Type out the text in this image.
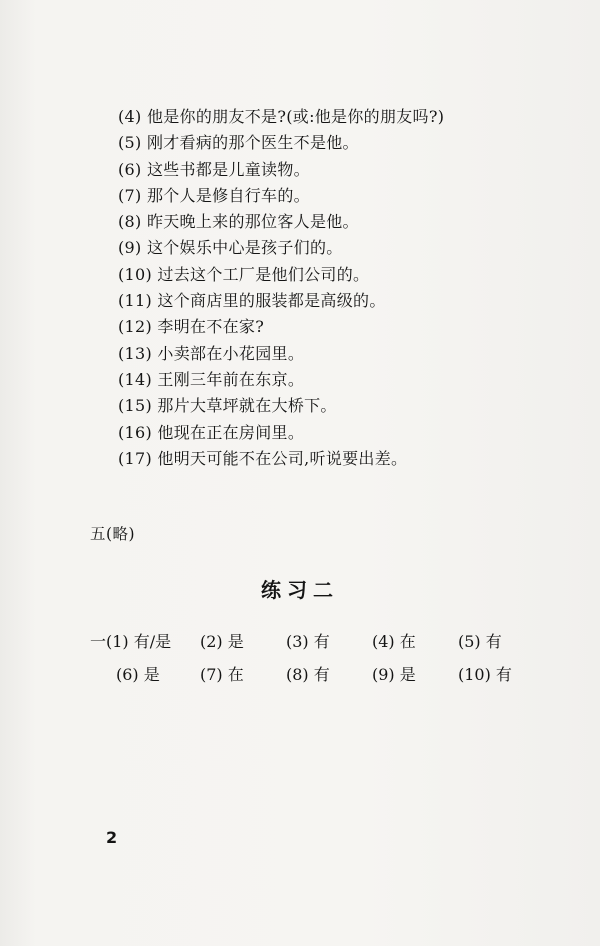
(4) 他是你的朋友不是?(或:他是你的朋友吗?)
(5) 刚才看病的那个医生不是他。
(6) 这些书都是儿童读物。
(7) 那个人是修自行车的。
(8) 昨天晚上来的那位客人是他。
(9) 这个娱乐中心是孩子们的。
(10) 过去这个工厂是他们公司的。
(11) 这个商店里的服装都是高级的。
(12) 李明在不在家?
(13) 小卖部在小花园里。
(14) 王刚三年前在东京。
(15) 那片大草坪就在大桥下。
(16) 他现在正在房间里。
(17) 他明天可能不在公司,听说要出差。
五(略)
练习二
一 (1) 有/是 (2) 是	(3) 有	(4) 在	(5) 有
(6) 是	(7) 在	(8) 有	(9) 是	(10) 有
2
